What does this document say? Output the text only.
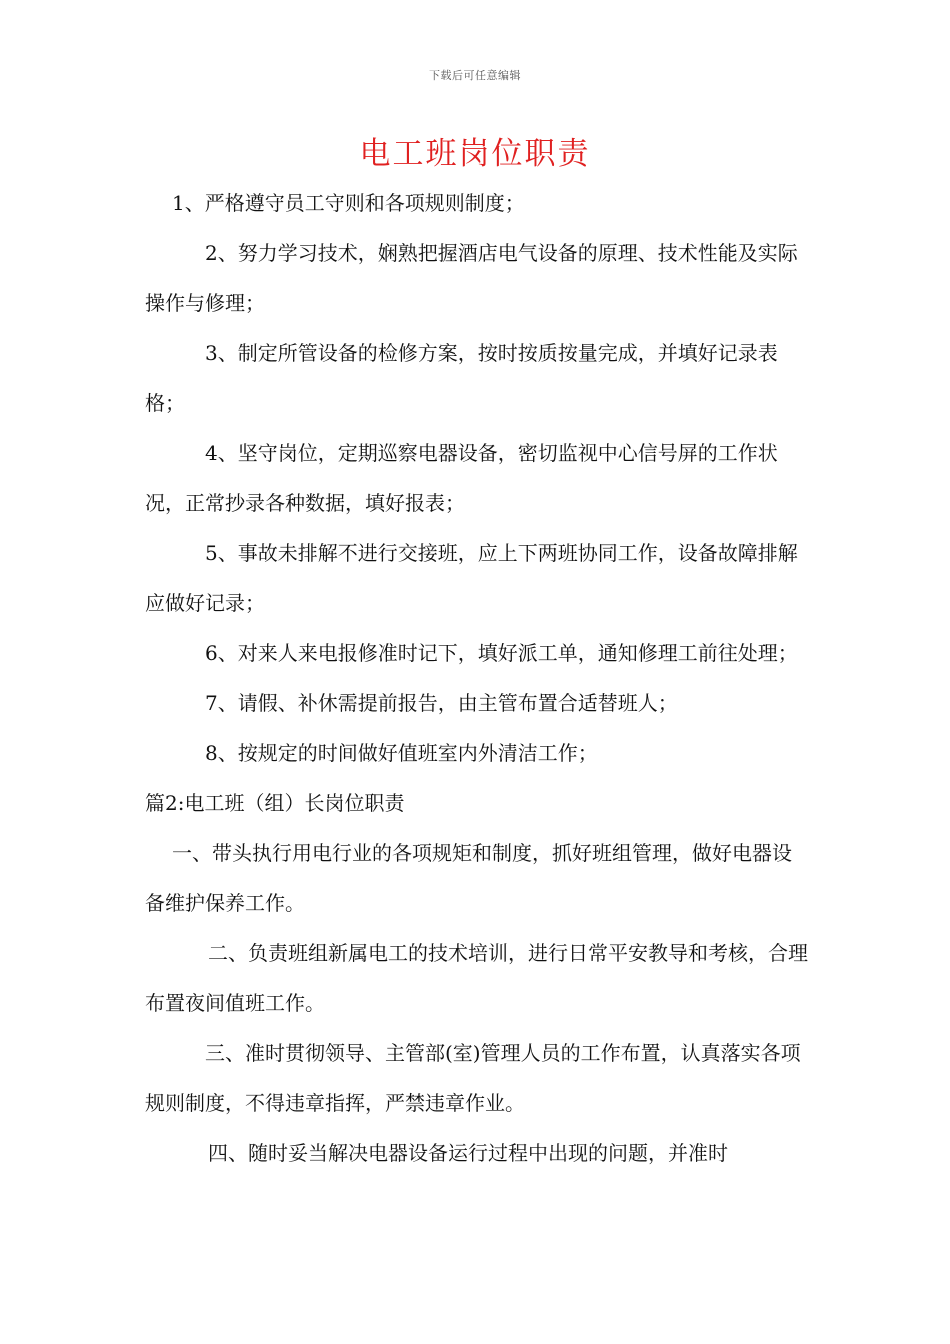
下载后可任意编辑
电工班岗位职责

1、严格遵守员工守则和各项规则制度；

2、努力学习技术，娴熟把握酒店电气设备的原理、技术性能及实际操作与修理；

3、制定所管设备的检修方案，按时按质按量完成，并填好记录表格；

4、坚守岗位，定期巡察电器设备，密切监视中心信号屏的工作状况，正常抄录各种数据，填好报表；

5、事故未排解不进行交接班，应上下两班协同工作，设备故障排解应做好记录；

6、对来人来电报修准时记下，填好派工单，通知修理工前往处理；

7、请假、补休需提前报告，由主管布置合适替班人；

8、按规定的时间做好值班室内外清洁工作；

篇2:电工班（组）长岗位职责

一、带头执行用电行业的各项规矩和制度，抓好班组管理，做好电器设备维护保养工作。

二、负责班组新属电工的技术培训，进行日常平安教导和考核，合理布置夜间值班工作。

三、准时贯彻领导、主管部(室)管理人员的工作布置，认真落实各项规则制度，不得违章指挥，严禁违章作业。

四、随时妥当解决电器设备运行过程中出现的问题，并准时
